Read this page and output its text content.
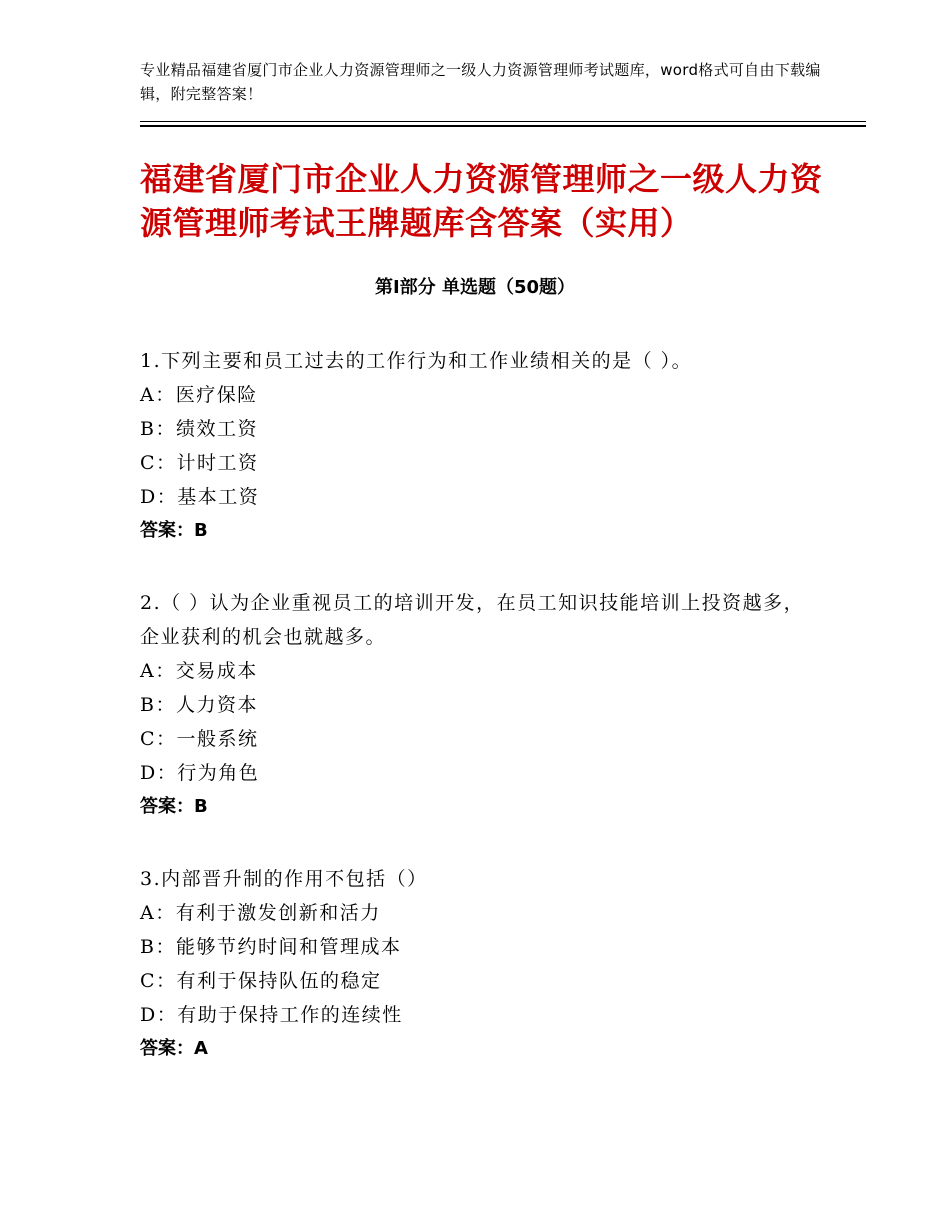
专业精品福建省厦门市企业人力资源管理师之一级人力资源管理师考试题库，word格式可自由下载编辑，附完整答案！
福建省厦门市企业人力资源管理师之一级人力资源管理师考试王牌题库含答案（实用）
第Ⅰ部分 单选题（50题）
1.下列主要和员工过去的工作行为和工作业绩相关的是（ ）。
A：医疗保险
B：绩效工资
C：计时工资
D：基本工资
答案：B
2.（ ）认为企业重视员工的培训开发，在员工知识技能培训上投资越多，企业获利的机会也就越多。
A：交易成本
B：人力资本
C：一般系统
D：行为角色
答案：B
3.内部晋升制的作用不包括（）
A：有利于激发创新和活力
B：能够节约时间和管理成本
C：有利于保持队伍的稳定
D：有助于保持工作的连续性
答案：A
